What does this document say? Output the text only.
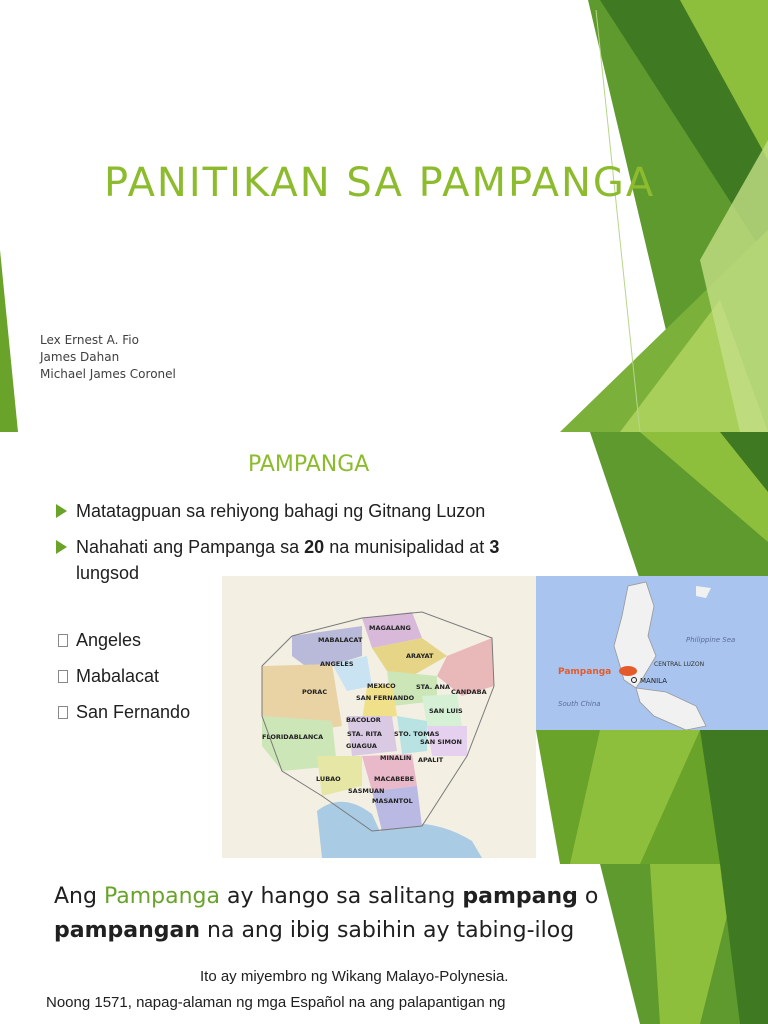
PANITIKAN SA PAMPANGA
Lex Ernest A. Fio
James Dahan
Michael James Coronel
PAMPANGA
Matatagpuan sa rehiyong bahagi ng Gitnang Luzon
Nahahati ang Pampanga sa 20 na munisipalidad at 3
lungsod
Angeles
Mabalacat
San Fernando
MABALACAT
MAGALANG
ANGELES
ARAYAT
PORAC
MEXICO	STA. ANA
SAN FERNANDO
CANDABA
BACOLOR
SAN LUIS
FLORIDABLANCA	STA. RITA STO. TOMAS
SAN SIMON
GUAGUA
MINALIN APALIT
LUBAO	MACABEBE
SASMUAN
MASANTOL
Pampanga
MANILA
CENTRAL LUZON
Philippine Sea
South China
Ang Pampanga ay hango sa salitang pampang o
pampangan na ang ibig sabihin ay tabing-ilog
Ito ay miyembro ng Wikang Malayo-Polynesia.
Noong 1571, napag-alaman ng mga Español na ang palapantigan ng
